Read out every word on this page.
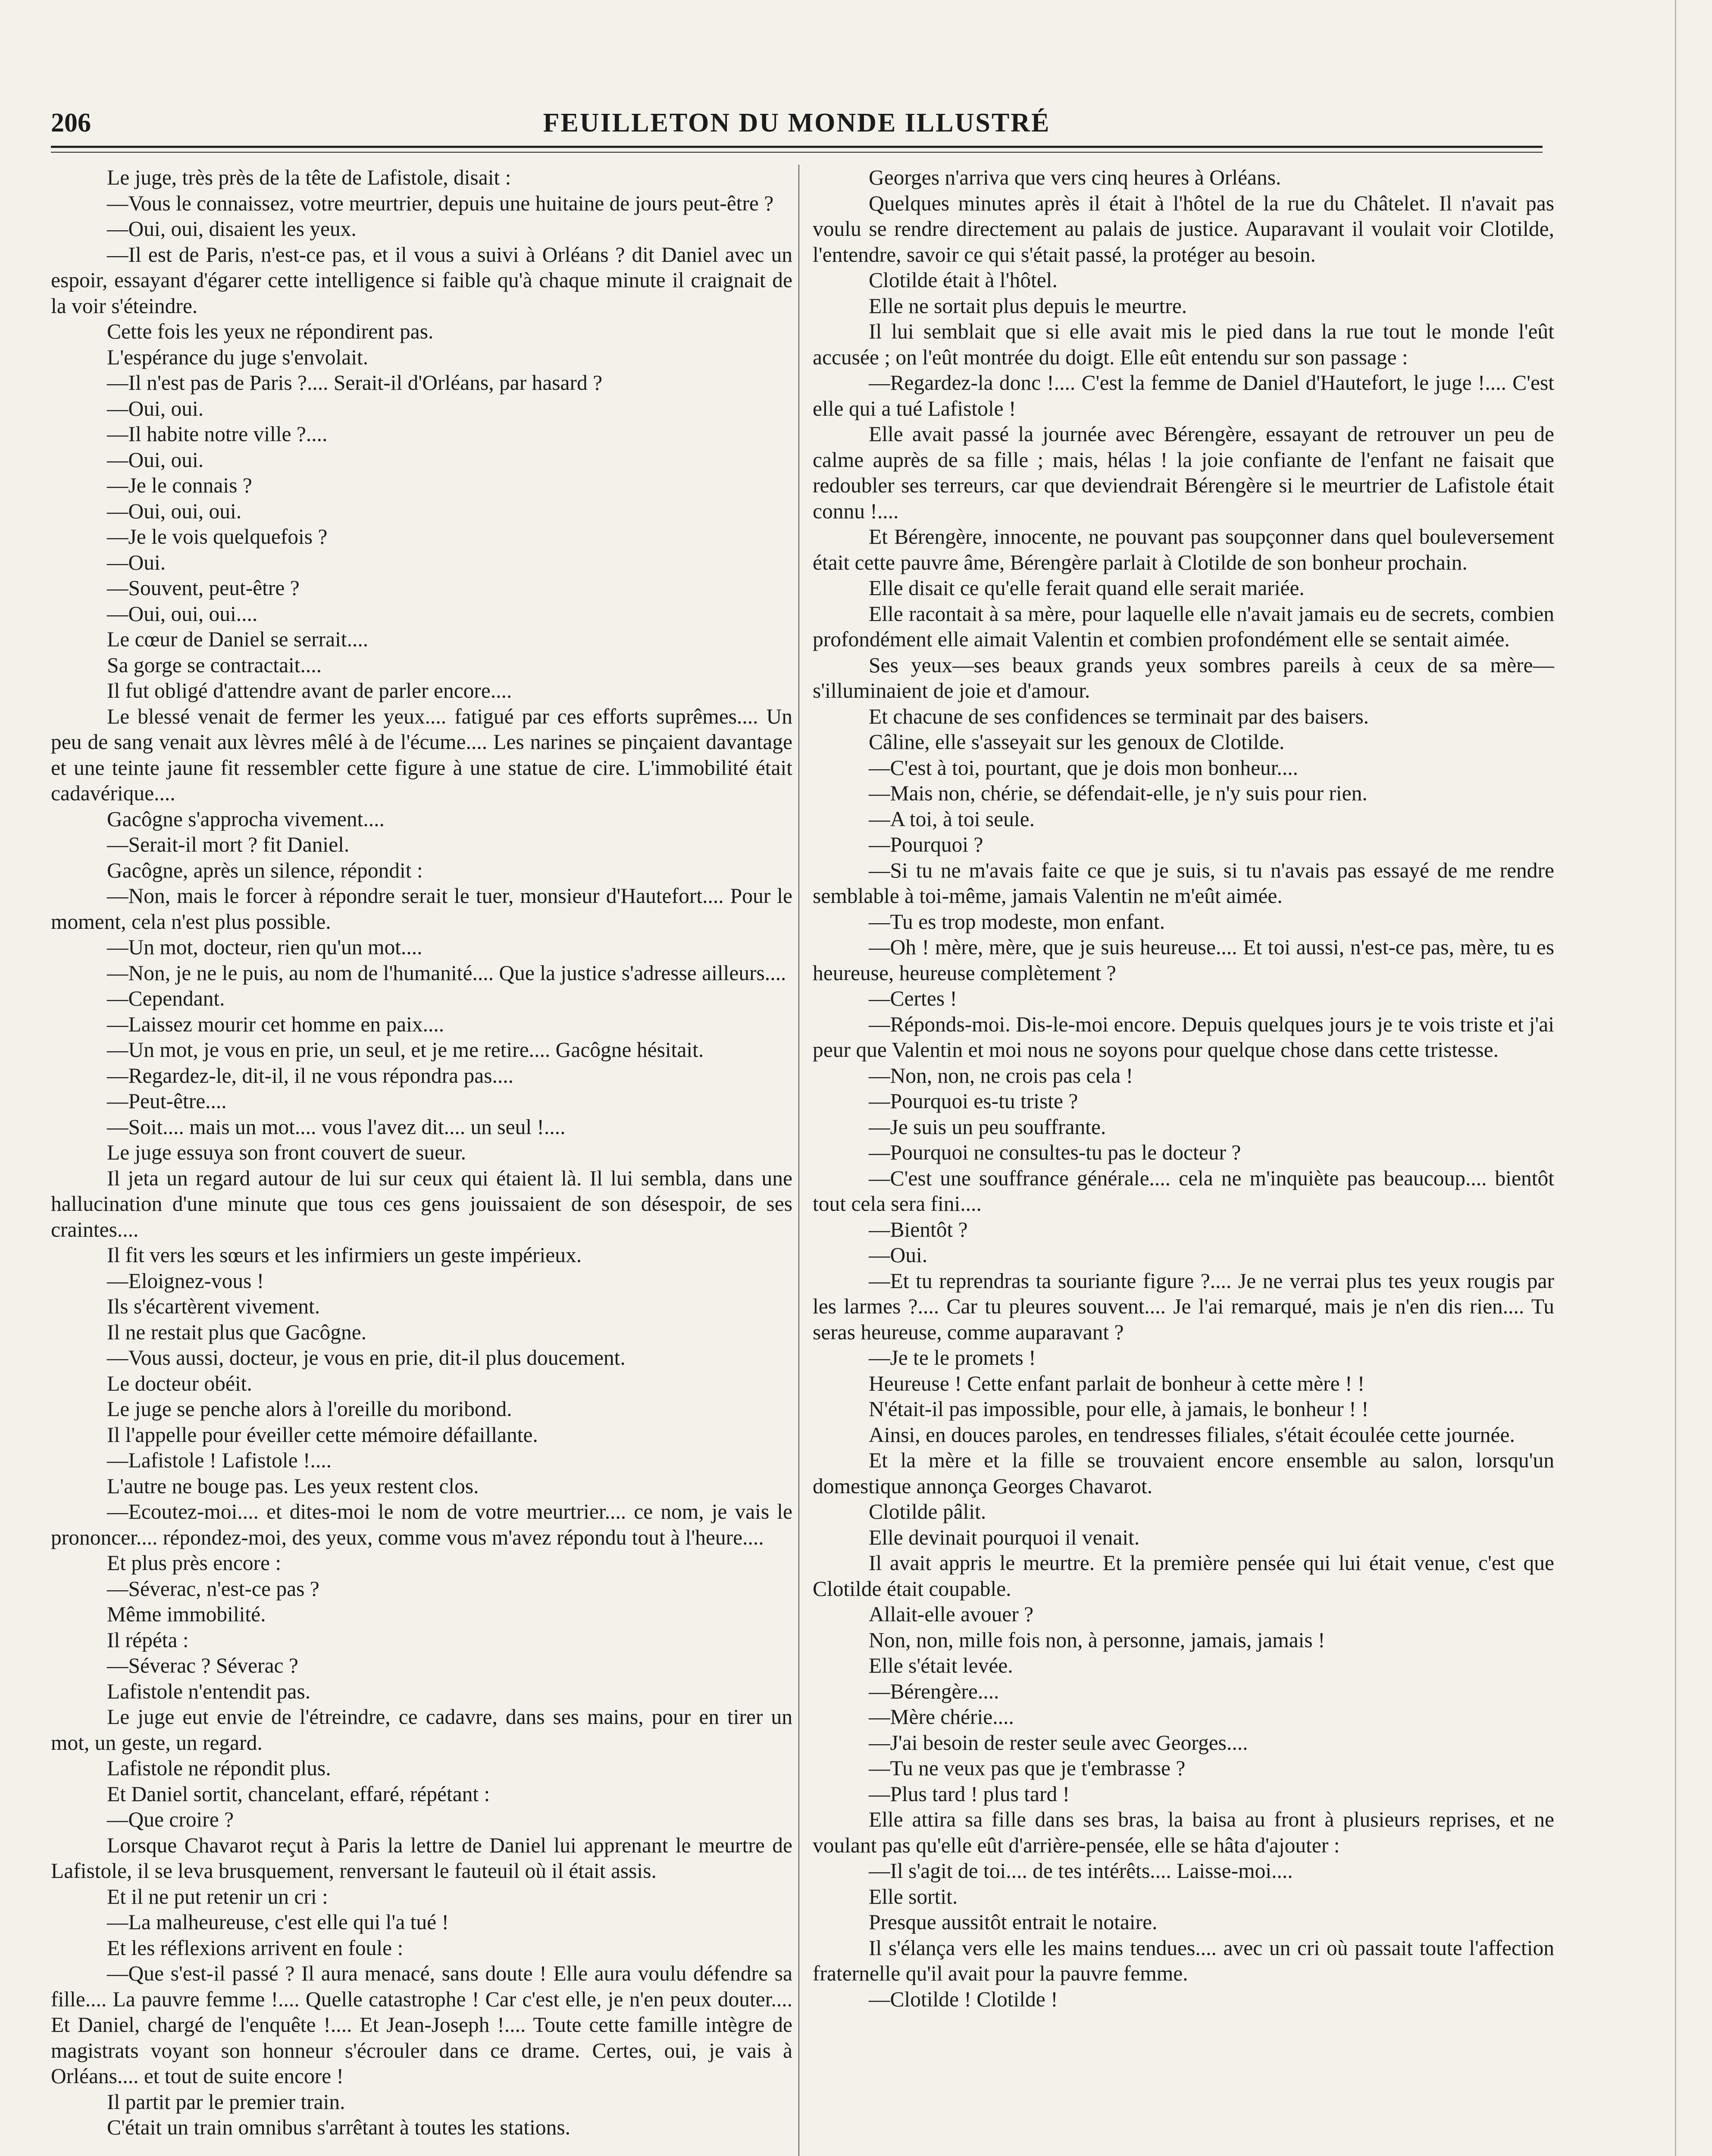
206	FEUILLETON DU MONDE ILLUSTRÉ

Le juge, très près de la tête de Lafistole, disait :

—Vous le connaissez, votre meurtrier, depuis une huitaine de jours peut-être ?

—Oui, oui, disaient les yeux.

—Il est de Paris, n'est-ce pas, et il vous a suivi à Orléans ? dit Daniel avec un espoir, essayant d'égarer cette intelligence si faible qu'à chaque minute il craignait de la voir s'éteindre.

Cette fois les yeux ne répondirent pas.

L'espérance du juge s'envolait.

—Il n'est pas de Paris ?.... Serait-il d'Orléans, par hasard ?

—Oui, oui.

—Il habite notre ville ?....

—Oui, oui.

—Je le connais ?

—Oui, oui, oui.

—Je le vois quelquefois ?

—Oui.

—Souvent, peut-être ?

—Oui, oui, oui....

Le cœur de Daniel se serrait....

Sa gorge se contractait....

Il fut obligé d'attendre avant de parler encore....

Le blessé venait de fermer les yeux.... fatigué par ces efforts suprêmes.... Un peu de sang venait aux lèvres mêlé à de l'écume.... Les narines se pinçaient davantage et une teinte jaune fit ressembler cette figure à une statue de cire. L'immobilité était cadavérique....

Gacôgne s'approcha vivement....

—Serait-il mort ? fit Daniel.

Gacôgne, après un silence, répondit :

—Non, mais le forcer à répondre serait le tuer, monsieur d'Hautefort.... Pour le moment, cela n'est plus possible.

—Un mot, docteur, rien qu'un mot....

—Non, je ne le puis, au nom de l'humanité.... Que la justice s'adresse ailleurs....

—Cependant.

—Laissez mourir cet homme en paix....

—Un mot, je vous en prie, un seul, et je me retire.... Gacôgne hésitait.

—Regardez-le, dit-il, il ne vous répondra pas....

—Peut-être....

—Soit.... mais un mot.... vous l'avez dit.... un seul !....

Le juge essuya son front couvert de sueur.

Il jeta un regard autour de lui sur ceux qui étaient là. Il lui sembla, dans une hallucination d'une minute que tous ces gens jouissaient de son désespoir, de ses craintes....

Il fit vers les sœurs et les infirmiers un geste impérieux.

—Eloignez-vous !

Ils s'écartèrent vivement.

Il ne restait plus que Gacôgne.

—Vous aussi, docteur, je vous en prie, dit-il plus doucement.

Le docteur obéit.

Le juge se penche alors à l'oreille du moribond.

Il l'appelle pour éveiller cette mémoire défaillante.

—Lafistole ! Lafistole !....

L'autre ne bouge pas. Les yeux restent clos.

—Ecoutez-moi.... et dites-moi le nom de votre meurtrier.... ce nom, je vais le prononcer.... répondez-moi, des yeux, comme vous m'avez répondu tout à l'heure....

Et plus près encore :

—Séverac, n'est-ce pas ?

Même immobilité.

Il répéta :

—Séverac ? Séverac ?

Lafistole n'entendit pas.

Le juge eut envie de l'étreindre, ce cadavre, dans ses mains, pour en tirer un mot, un geste, un regard.

Lafistole ne répondit plus.

Et Daniel sortit, chancelant, effaré, répétant :

—Que croire ?

Lorsque Chavarot reçut à Paris la lettre de Daniel lui apprenant le meurtre de Lafistole, il se leva brusquement, renversant le fauteuil où il était assis.

Et il ne put retenir un cri :

—La malheureuse, c'est elle qui l'a tué !

Et les réflexions arrivent en foule :

—Que s'est-il passé ? Il aura menacé, sans doute ! Elle aura voulu défendre sa fille.... La pauvre femme !.... Quelle catastrophe ! Car c'est elle, je n'en peux douter.... Et Daniel, chargé de l'enquête !.... Et Jean-Joseph !.... Toute cette famille intègre de magistrats voyant son honneur s'écrouler dans ce drame. Certes, oui, je vais à Orléans.... et tout de suite encore !

Il partit par le premier train.

C'était un train omnibus s'arrêtant à toutes les stations.

Georges n'arriva que vers cinq heures à Orléans.

Quelques minutes après il était à l'hôtel de la rue du Châtelet. Il n'avait pas voulu se rendre directement au palais de justice. Auparavant il voulait voir Clotilde, l'entendre, savoir ce qui s'était passé, la protéger au besoin.

Clotilde était à l'hôtel.

Elle ne sortait plus depuis le meurtre.

Il lui semblait que si elle avait mis le pied dans la rue tout le monde l'eût accusée ; on l'eût montrée du doigt. Elle eût entendu sur son passage :

—Regardez-la donc !.... C'est la femme de Daniel d'Hautefort, le juge !.... C'est elle qui a tué Lafistole !

Elle avait passé la journée avec Bérengère, essayant de retrouver un peu de calme auprès de sa fille ; mais, hélas ! la joie confiante de l'enfant ne faisait que redoubler ses terreurs, car que deviendrait Bérengère si le meurtrier de Lafistole était connu !....

Et Bérengère, innocente, ne pouvant pas soupçonner dans quel bouleversement était cette pauvre âme, Bérengère parlait à Clotilde de son bonheur prochain.

Elle disait ce qu'elle ferait quand elle serait mariée.

Elle racontait à sa mère, pour laquelle elle n'avait jamais eu de secrets, combien profondément elle aimait Valentin et combien profondément elle se sentait aimée.

Ses yeux—ses beaux grands yeux sombres pareils à ceux de sa mère—s'illuminaient de joie et d'amour.

Et chacune de ses confidences se terminait par des baisers.

Câline, elle s'asseyait sur les genoux de Clotilde.

—C'est à toi, pourtant, que je dois mon bonheur....

—Mais non, chérie, se défendait-elle, je n'y suis pour rien.

—A toi, à toi seule.

—Pourquoi ?

—Si tu ne m'avais faite ce que je suis, si tu n'avais pas essayé de me rendre semblable à toi-même, jamais Valentin ne m'eût aimée.

—Tu es trop modeste, mon enfant.

—Oh ! mère, mère, que je suis heureuse.... Et toi aussi, n'est-ce pas, mère, tu es heureuse, heureuse complètement ?

—Certes !

—Réponds-moi. Dis-le-moi encore. Depuis quelques jours je te vois triste et j'ai peur que Valentin et moi nous ne soyons pour quelque chose dans cette tristesse.

—Non, non, ne crois pas cela !

—Pourquoi es-tu triste ?

—Je suis un peu souffrante.

—Pourquoi ne consultes-tu pas le docteur ?

—C'est une souffrance générale.... cela ne m'inquiète pas beaucoup.... bientôt tout cela sera fini....

—Bientôt ?

—Oui.

—Et tu reprendras ta souriante figure ?.... Je ne verrai plus tes yeux rougis par les larmes ?.... Car tu pleures souvent.... Je l'ai remarqué, mais je n'en dis rien.... Tu seras heureuse, comme auparavant ?

—Je te le promets !

Heureuse ! Cette enfant parlait de bonheur à cette mère ! !

N'était-il pas impossible, pour elle, à jamais, le bonheur ! !

Ainsi, en douces paroles, en tendresses filiales, s'était écoulée cette journée.

Et la mère et la fille se trouvaient encore ensemble au salon, lorsqu'un domestique annonça Georges Chavarot.

Clotilde pâlit.

Elle devinait pourquoi il venait.

Il avait appris le meurtre. Et la première pensée qui lui était venue, c'est que Clotilde était coupable.

Allait-elle avouer ?

Non, non, mille fois non, à personne, jamais, jamais !

Elle s'était levée.

—Bérengère....

—Mère chérie....

—J'ai besoin de rester seule avec Georges....

—Tu ne veux pas que je t'embrasse ?

—Plus tard ! plus tard !

Elle attira sa fille dans ses bras, la baisa au front à plusieurs reprises, et ne voulant pas qu'elle eût d'arrière-pensée, elle se hâta d'ajouter :

—Il s'agit de toi.... de tes intérêts.... Laisse-moi....

Elle sortit.

Presque aussitôt entrait le notaire.

Il s'élança vers elle les mains tendues.... avec un cri où passait toute l'affection fraternelle qu'il avait pour la pauvre femme.

—Clotilde ! Clotilde !
